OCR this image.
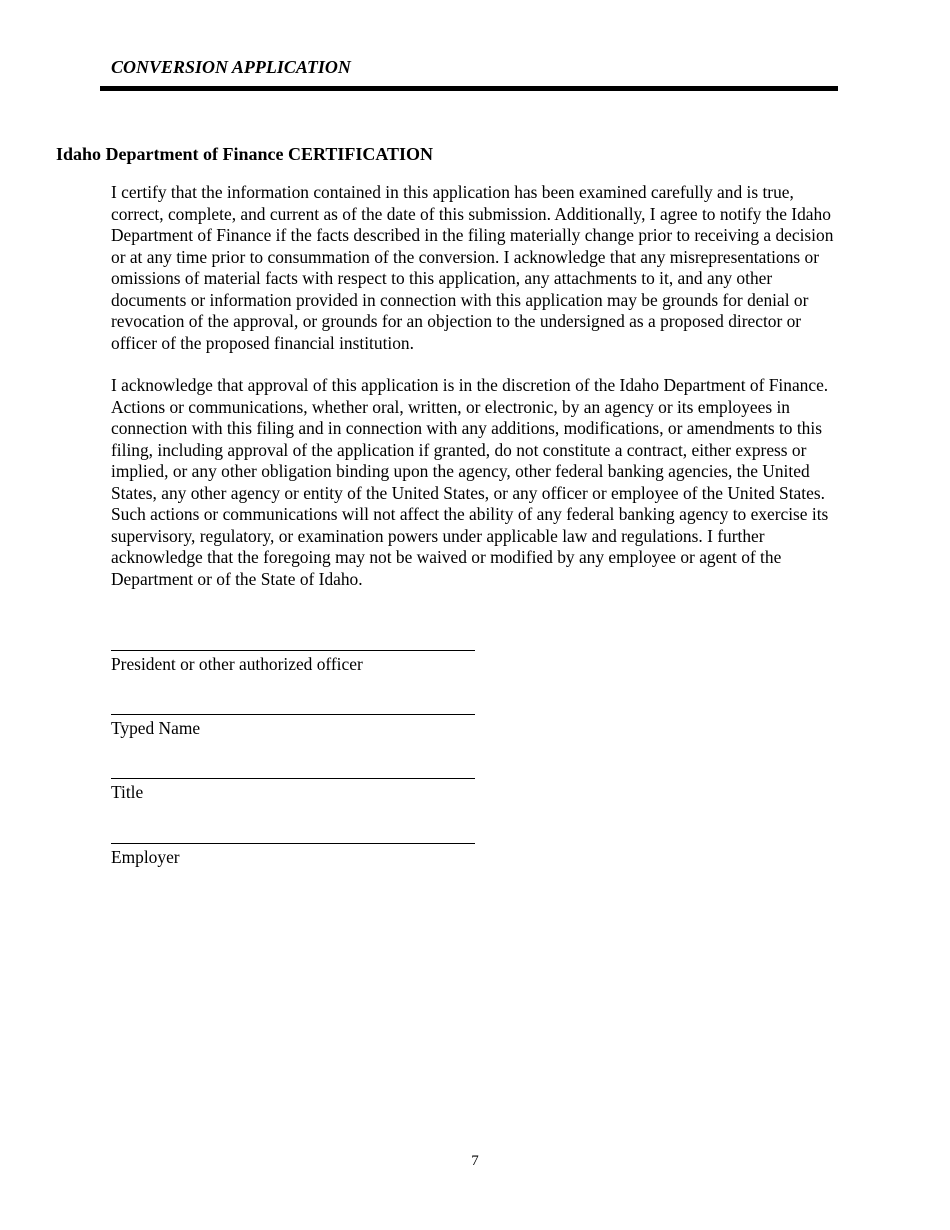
CONVERSION APPLICATION

Idaho Department of Finance CERTIFICATION

I certify that the information contained in this application has been examined carefully and is true, correct, complete, and current as of the date of this submission. Additionally, I agree to notify the Idaho Department of Finance if the facts described in the filing materially change prior to receiving a decision or at any time prior to consummation of the conversion. I acknowledge that any misrepresentations or omissions of material facts with respect to this application, any attachments to it, and any other documents or information provided in connection with this application may be grounds for denial or revocation of the approval, or grounds for an objection to the undersigned as a proposed director or officer of the proposed financial institution.

I acknowledge that approval of this application is in the discretion of the Idaho Department of Finance. Actions or communications, whether oral, written, or electronic, by an agency or its employees in connection with this filing and in connection with any additions, modifications, or amendments to this filing, including approval of the application if granted, do not constitute a contract, either express or implied, or any other obligation binding upon the agency, other federal banking agencies, the United States, any other agency or entity of the United States, or any officer or employee of the United States. Such actions or communications will not affect the ability of any federal banking agency to exercise its supervisory, regulatory, or examination powers under applicable law and regulations. I further acknowledge that the foregoing may not be waived or modified by any employee or agent of the Department or of the State of Idaho.

President or other authorized officer
Typed Name
Title
Employer
7
